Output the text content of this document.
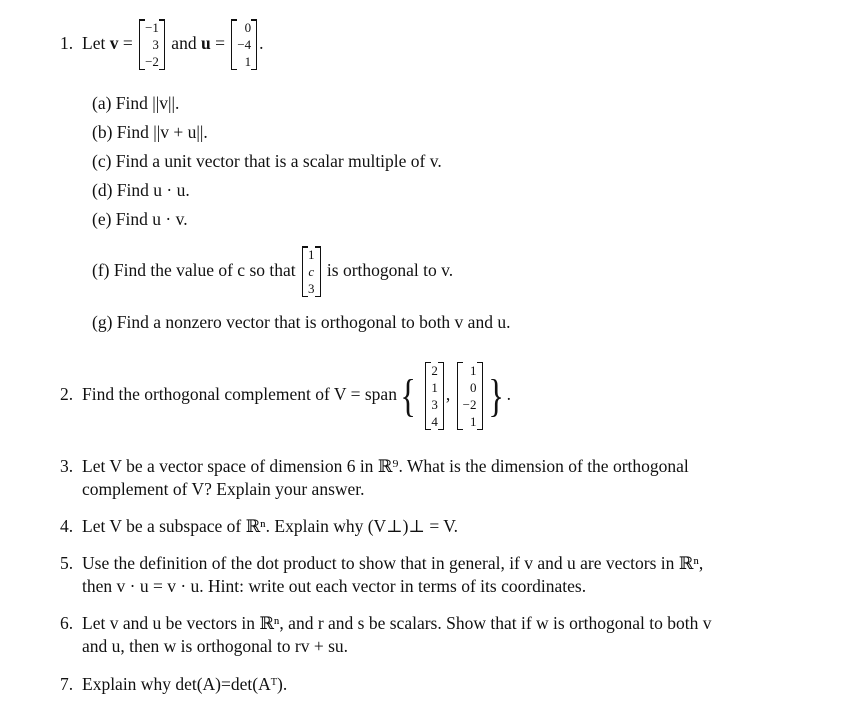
1. Let v =
−1
3
−2
and u =
0
−4
1
.
(a) Find ||v||.
(b) Find ||v + u||.
(c) Find a unit vector that is a scalar multiple of v.
(d) Find u · u.
(e) Find u · v.
(f) Find the value of c so that
1
c
3
is orthogonal to v.
(g) Find a nonzero vector that is orthogonal to both v and u.
2. Find the orthogonal complement of V = span{ 2
1
3
4
,
1
0
−2
1
} .
3. Let V be a vector space of dimension 6 in ℝ⁹. What is the dimension of the orthogonal
complement of V? Explain your answer.
4. Let V be a subspace of ℝⁿ. Explain why (V⊥)⊥ = V.
5. Use the definition of the dot product to show that in general, if v and u are vectors in ℝⁿ,
then v · u = v · u. Hint: write out each vector in terms of its coordinates.
6. Let v and u be vectors in ℝⁿ, and r and s be scalars. Show that if w is orthogonal to both v
and u, then w is orthogonal to rv + su.
7. Explain why det(A)=det(Aᵀ).
